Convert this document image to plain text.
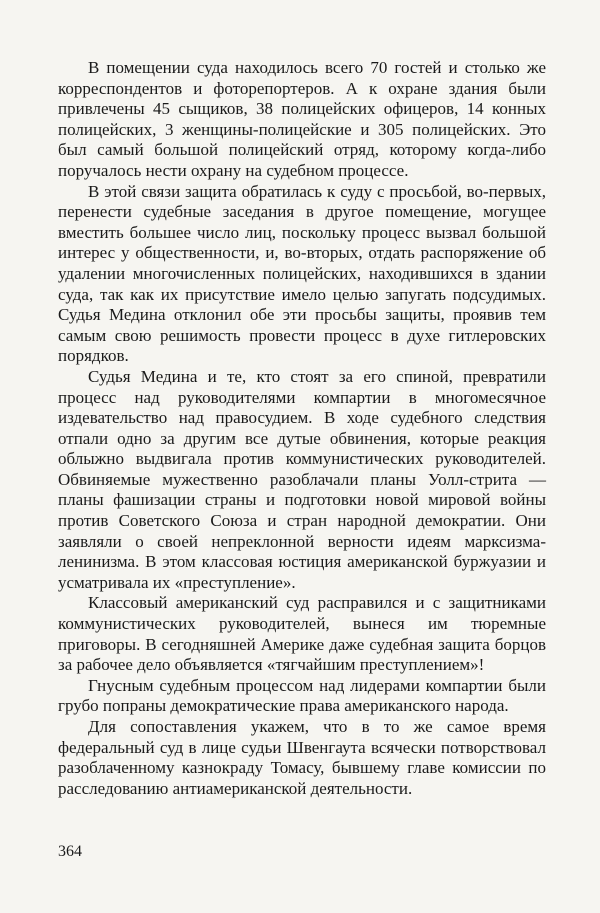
В помещении суда находилось всего 70 гостей и столько же корреспондентов и фоторепортеров. А к охране здания были привлечены 45 сыщиков, 38 полицейских офицеров, 14 конных полицейских, 3 женщины-полицейские и 305 полицейских. Это был самый большой полицейский отряд, которому когда-либо поручалось нести охрану на судебном процессе.

В этой связи защита обратилась к суду с просьбой, во-первых, перенести судебные заседания в другое помещение, могущее вместить большее число лиц, поскольку процесс вызвал большой интерес у общественности, и, во-вторых, отдать распоряжение об удалении многочисленных полицейских, находившихся в здании суда, так как их присутствие имело целью запугать подсудимых. Судья Медина отклонил обе эти просьбы защиты, проявив тем самым свою решимость провести процесс в духе гитлеровских порядков.

Судья Медина и те, кто стоят за его спиной, превратили процесс над руководителями компартии в многомесячное издевательство над правосудием. В ходе судебного следствия отпали одно за другим все дутые обвинения, которые реакция облыжно выдвигала против коммунистических руководителей. Обвиняемые мужественно разоблачали планы Уолл-стрита — планы фашизации страны и подготовки новой мировой войны против Советского Союза и стран народной демократии. Они заявляли о своей непреклонной верности идеям марксизма-ленинизма. В этом классовая юстиция американской буржуазии и усматривала их «преступление».

Классовый американский суд расправился и с защитниками коммунистических руководителей, вынеся им тюремные приговоры. В сегодняшней Америке даже судебная защита борцов за рабочее дело объявляется «тягчайшим преступлением»!

Гнусным судебным процессом над лидерами компартии были грубо попраны демократические права американского народа.

Для сопоставления укажем, что в то же самое время федеральный суд в лице судьи Швенгаута всячески потворствовал разоблаченному казнокраду Томасу, бывшему главе комиссии по расследованию антиамериканской деятельности.

364
